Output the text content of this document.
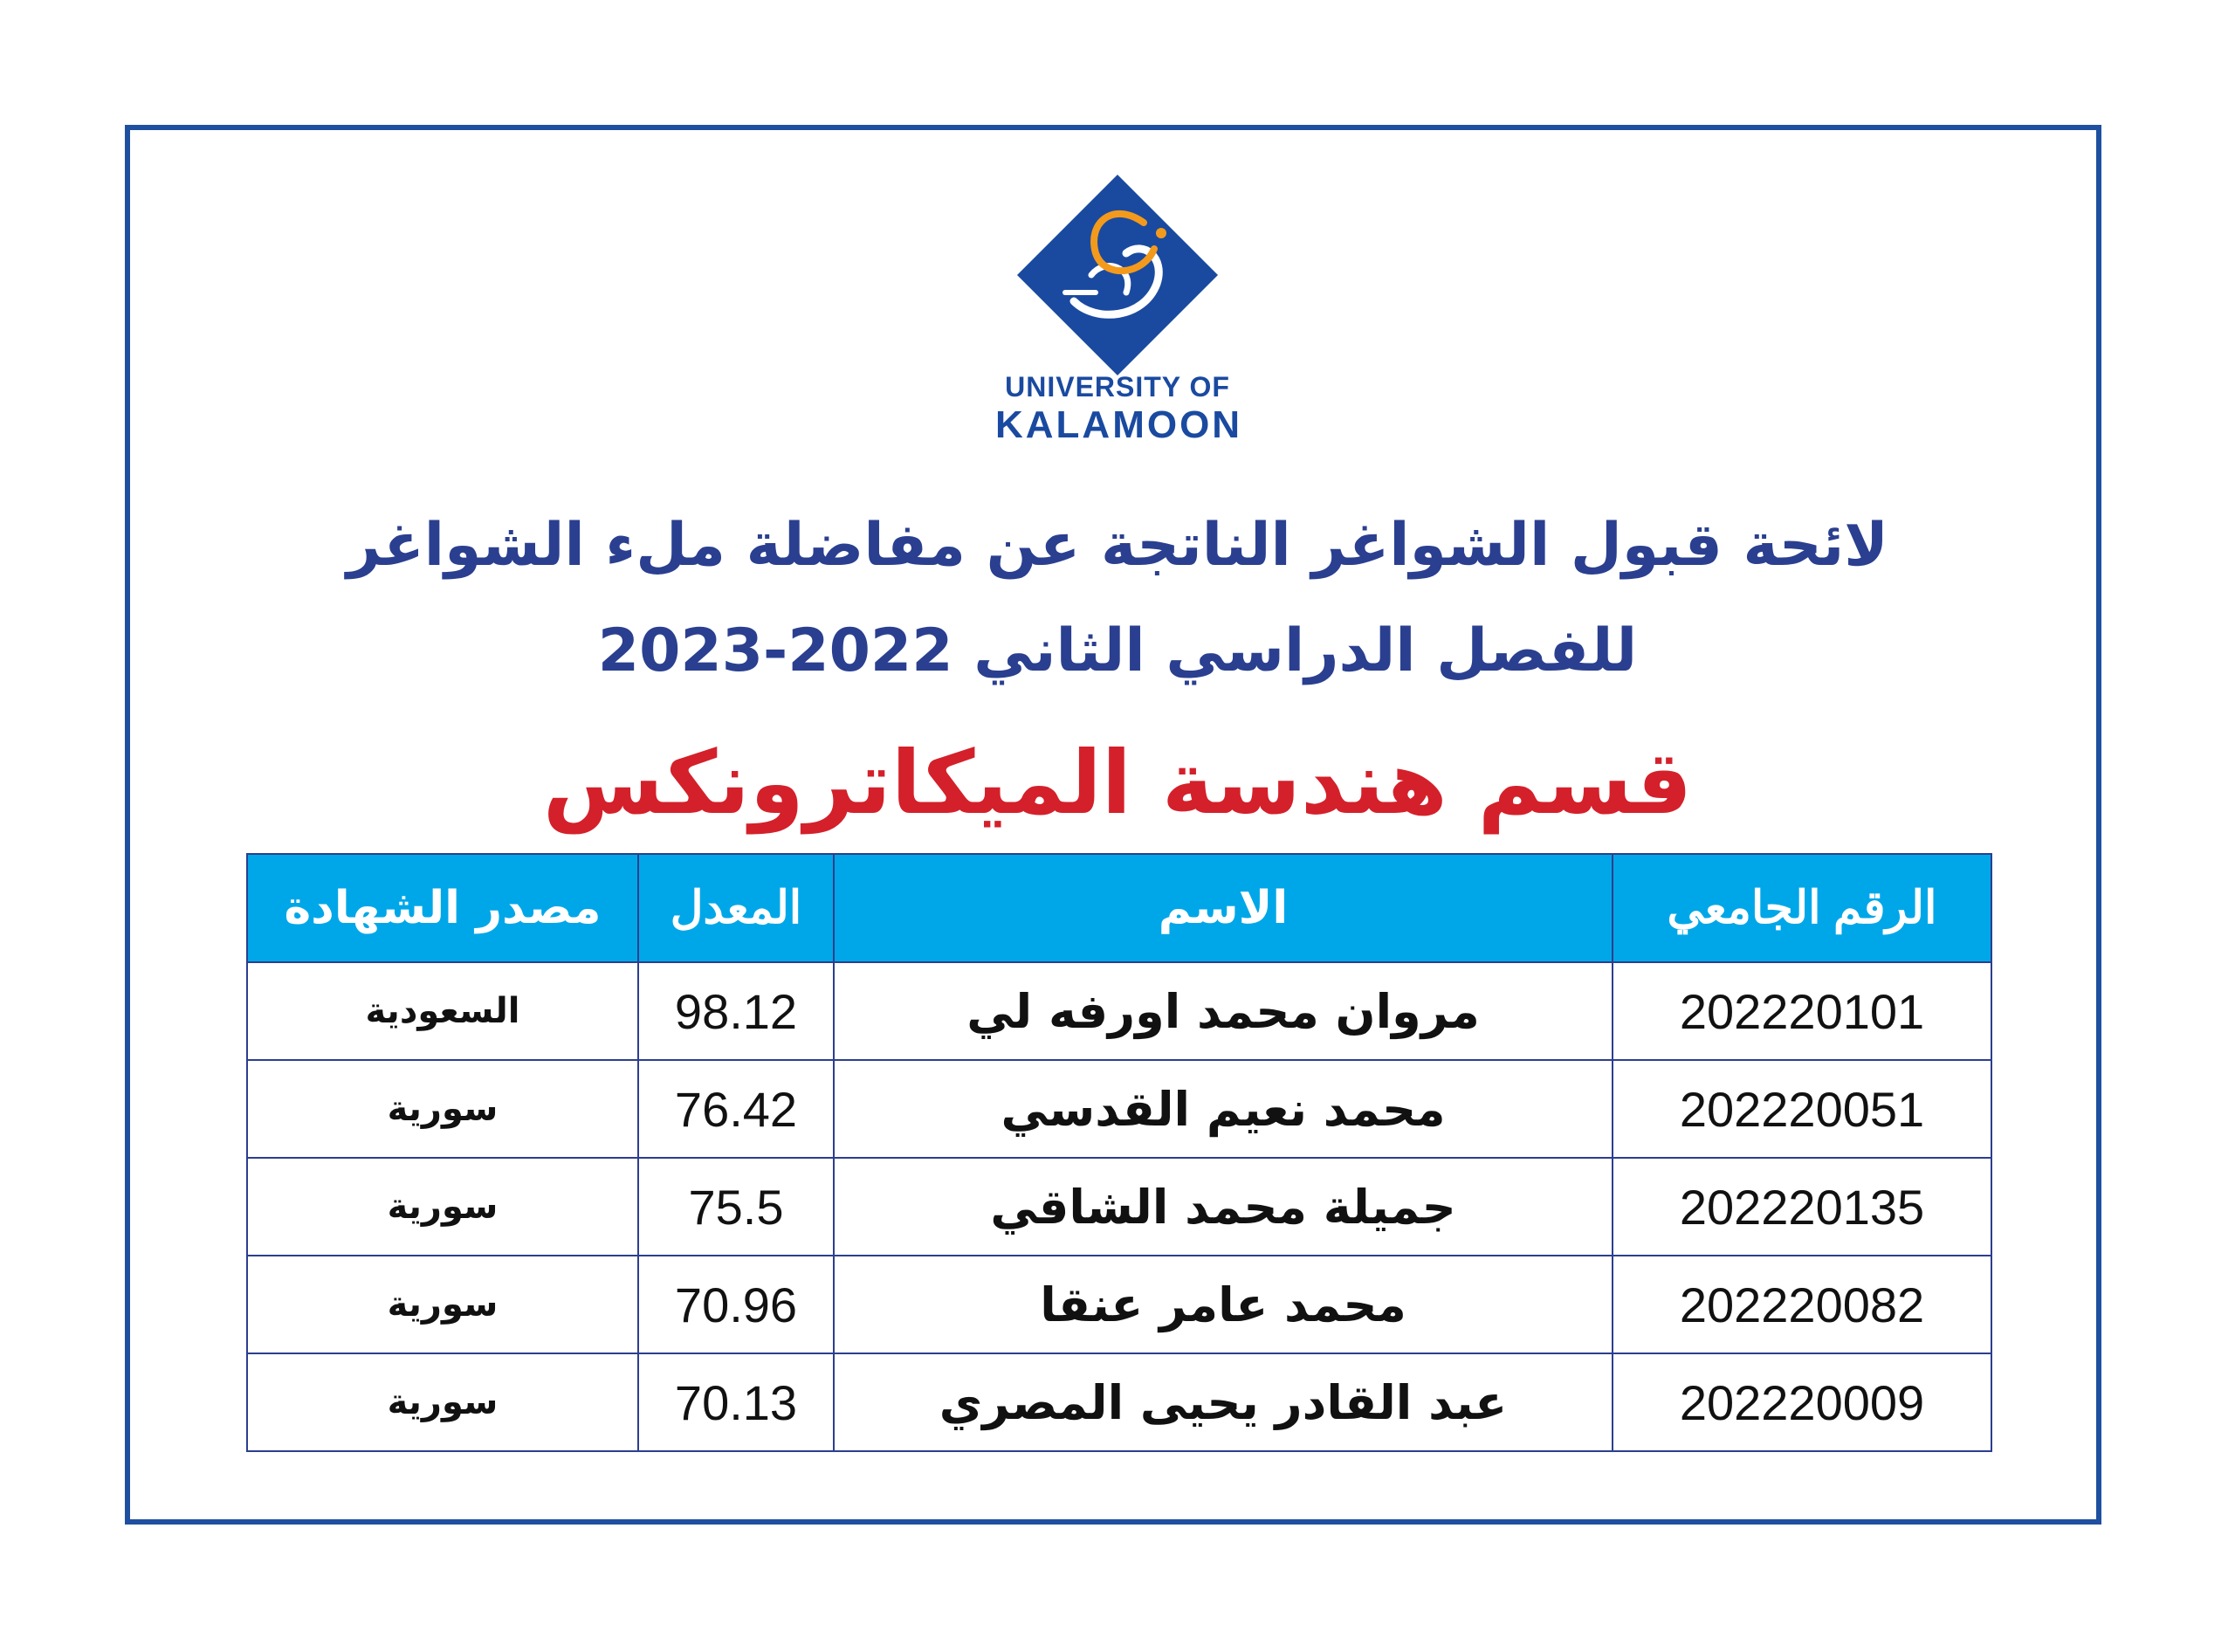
UNIVERSITY OF
KALAMOON
لائحة قبول الشواغر الناتجة عن مفاضلة ملء الشواغر
للفصل الدراسي الثاني 2022-2023
قسم هندسة الميكاترونكس
الرقم الجامعي	الاسم	المعدل	مصدر الشهادة
202220101	مروان محمد اورفه لي	98.12	السعودية
202220051	محمد نعيم القدسي	76.42	سورية
202220135	جميلة محمد الشاقي	75.5	سورية
202220082	محمد عامر عنقا	70.96	سورية
202220009	عبد القادر يحيى المصري	70.13	سورية
